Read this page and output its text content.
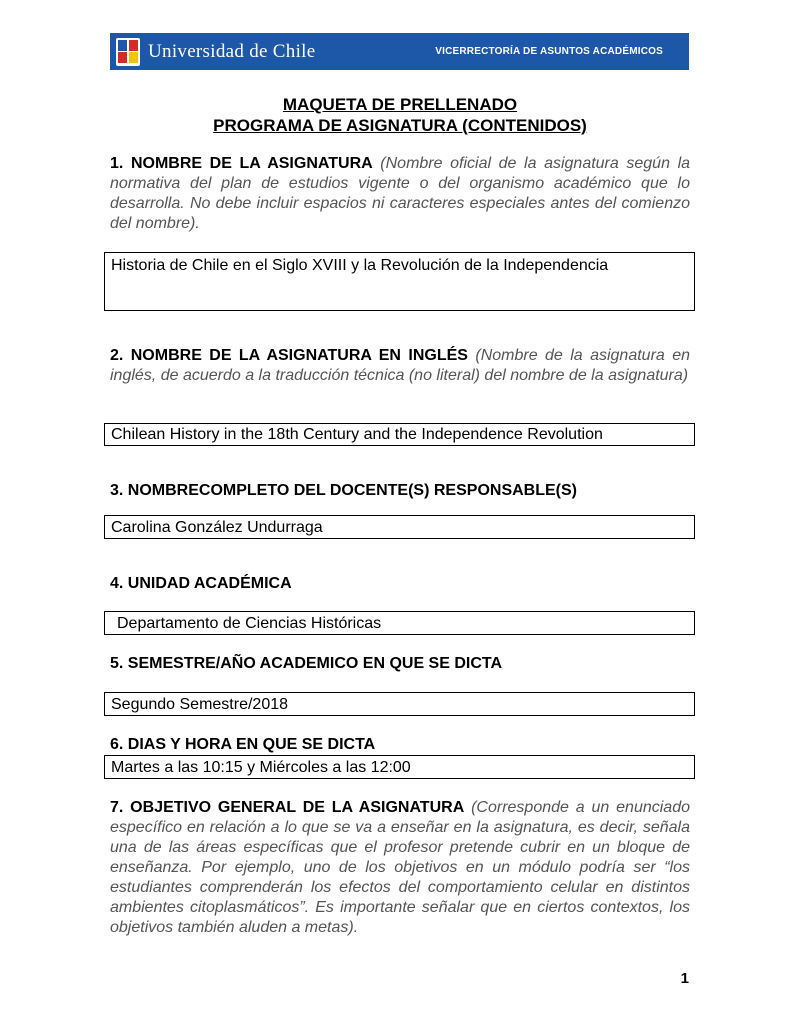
Universidad de Chile	VICERRECTORÍA DE ASUNTOS ACADÉMICOS
MAQUETA DE PRELLENADO
PROGRAMA DE ASIGNATURA (CONTENIDOS)
1. NOMBRE DE LA ASIGNATURA (Nombre oficial de la asignatura según la normativa del plan de estudios vigente o del organismo académico que lo desarrolla. No debe incluir espacios ni caracteres especiales antes del comienzo del nombre).
Historia de Chile en el Siglo XVIII y la Revolución de la Independencia
2. NOMBRE DE LA ASIGNATURA EN INGLÉS (Nombre de la asignatura en inglés, de acuerdo a la traducción técnica (no literal) del nombre de la asignatura)
Chilean History in the 18th Century and the Independence Revolution
3. NOMBRECOMPLETO DEL DOCENTE(S) RESPONSABLE(S)
Carolina González Undurraga
4. UNIDAD ACADÉMICA
Departamento de Ciencias Históricas
5. SEMESTRE/AÑO ACADEMICO EN QUE SE DICTA
Segundo Semestre/2018
6. DIAS Y HORA EN QUE SE DICTA
Martes a las 10:15 y Miércoles a las 12:00
7. OBJETIVO GENERAL DE LA ASIGNATURA (Corresponde a un enunciado específico en relación a lo que se va a enseñar en la asignatura, es decir, señala una de las áreas específicas que el profesor pretende cubrir en un bloque de enseñanza. Por ejemplo, uno de los objetivos en un módulo podría ser “los estudiantes comprenderán los efectos del comportamiento celular en distintos ambientes citoplasmáticos”. Es importante señalar que en ciertos contextos, los objetivos también aluden a metas).
1
